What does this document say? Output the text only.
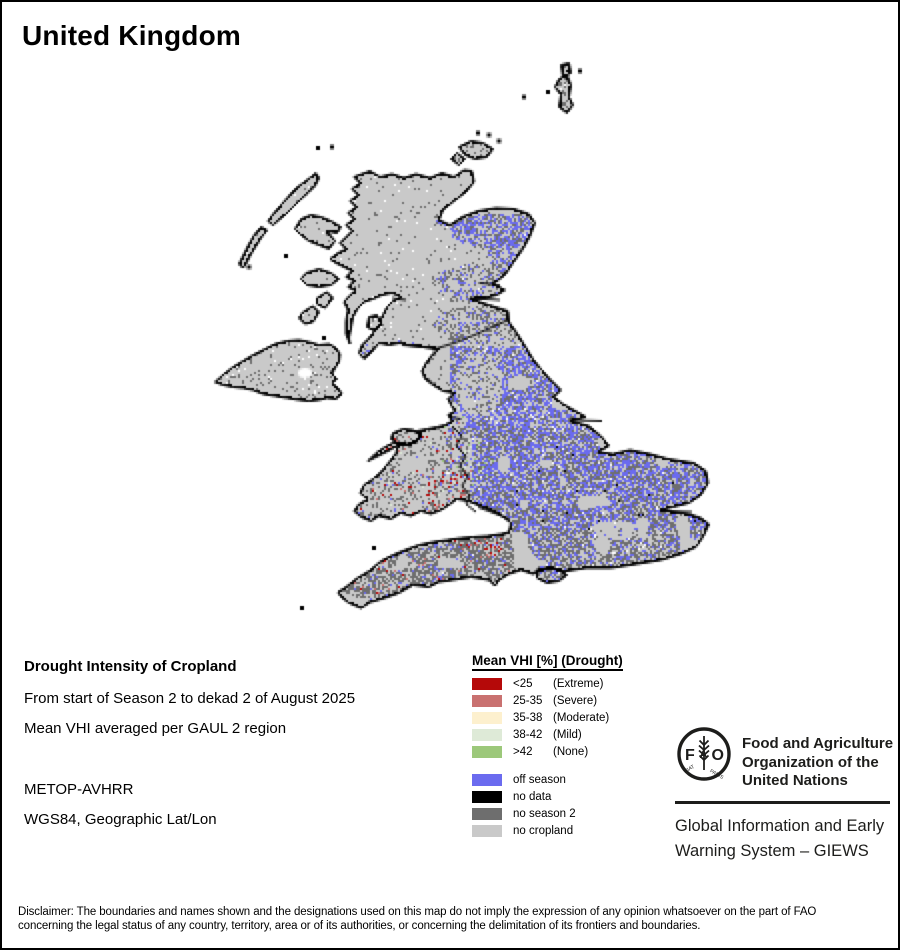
United Kingdom
Drought Intensity of Cropland
From start of Season 2 to dekad 2 of August 2025
Mean VHI averaged per GAUL 2 region
METOP-AVHRR
WGS84, Geographic Lat/Lon
Mean VHI [%] (Drought)
<25	(Extreme)
25-35 (Severe)
35-38 (Moderate)
38-42 (Mild)
>42	(None)
off season
no data
no season 2
no cropland
F O
A
FIAT	PANIS
Food and Agriculture
Organization of the
United Nations
Global Information and Early
Warning System – GIEWS
Disclaimer: The boundaries and names shown and the designations used on this map do not imply the expression of any opinion whatsoever on the part of FAO
concerning the legal status of any country, territory, area or of its authorities, or concerning the delimitation of its frontiers and boundaries.
